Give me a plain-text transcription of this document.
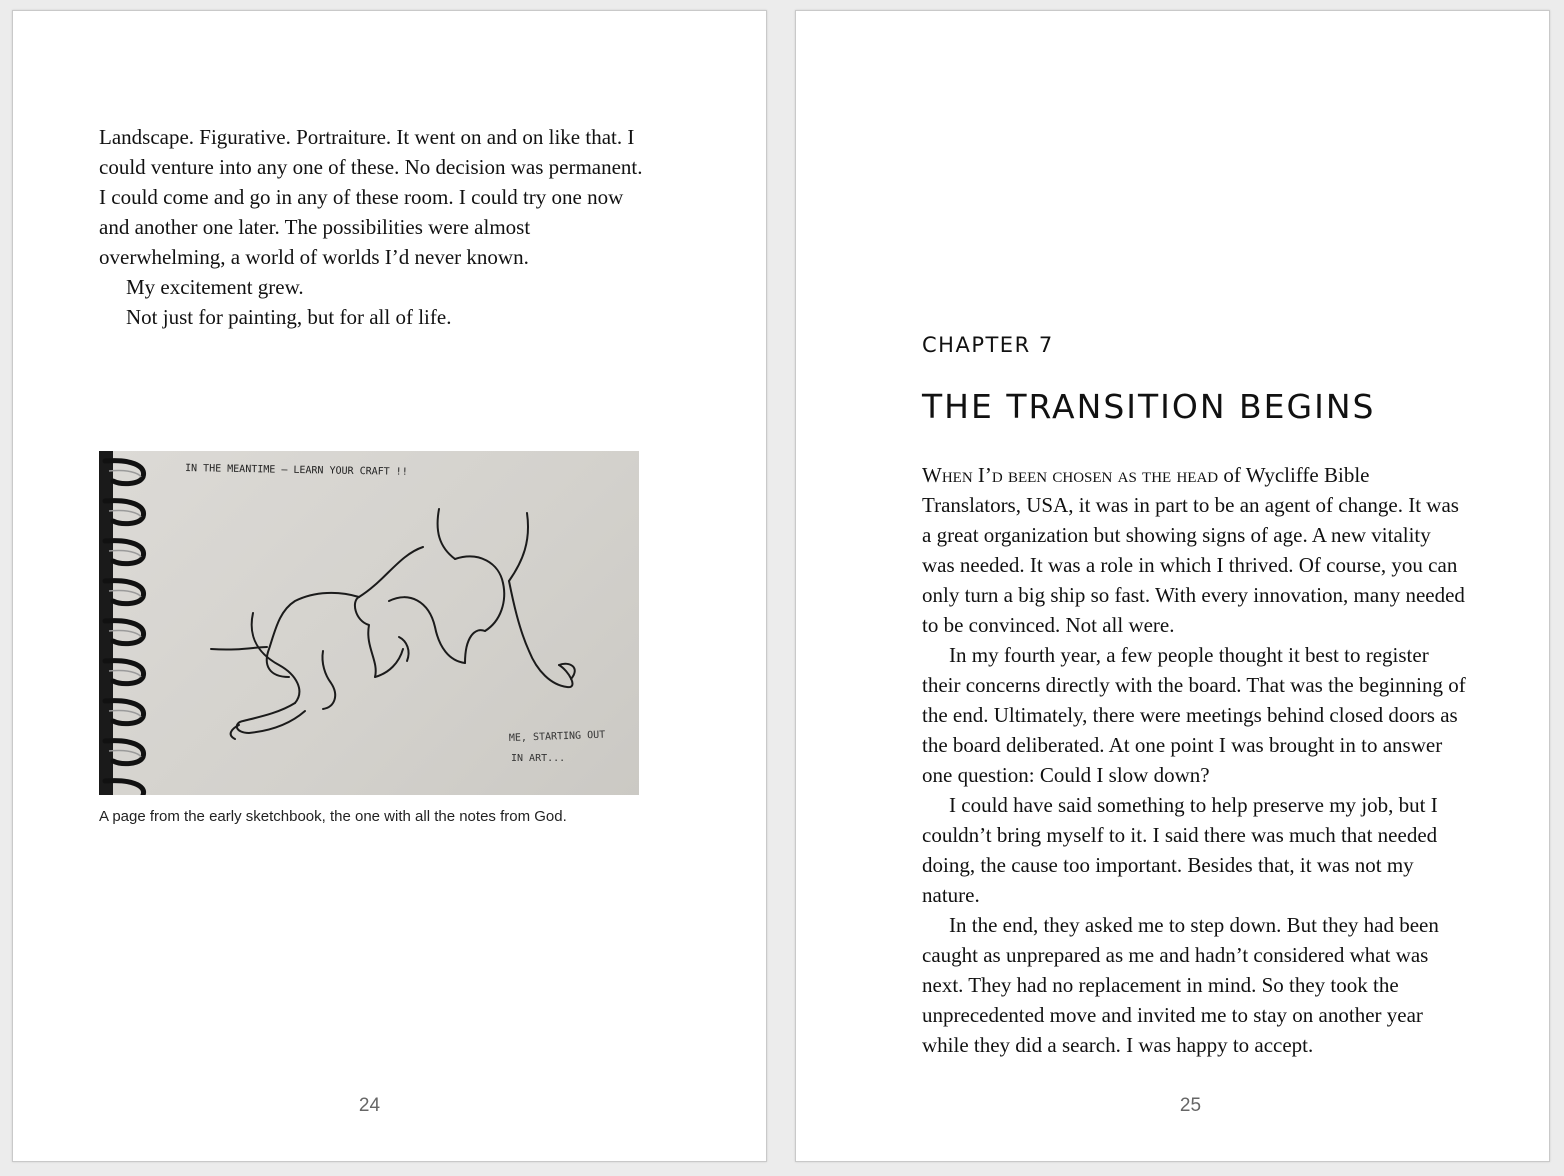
Landscape. Figurative. Portraiture. It went on and on like that. I could venture into any one of these. No decision was permanent. I could come and go in any of these room. I could try one now and another one later. The possibilities were almost overwhelming, a world of worlds I’d never known.

My excitement grew.

Not just for painting, but for all of life.

IN THE MEANTIME — LEARN YOUR CRAFT !!
ME, STARTING OUT
IN ART...
A page from the early sketchbook, the one with all the notes from God.
24
CHAPTER 7
THE TRANSITION BEGINS

When I’d been chosen as the head of Wycliffe Bible Translators, USA, it was in part to be an agent of change. It was a great organization but showing signs of age. A new vitality was needed. It was a role in which I thrived. Of course, you can only turn a big ship so fast. With every innovation, many needed to be convinced. Not all were.

In my fourth year, a few people thought it best to register their concerns directly with the board. That was the beginning of the end. Ultimately, there were meetings behind closed doors as the board deliberated. At one point I was brought in to answer one question: Could I slow down?

I could have said something to help preserve my job, but I couldn’t bring myself to it. I said there was much that needed doing, the cause too important. Besides that, it was not my nature.

In the end, they asked me to step down. But they had been caught as unprepared as me and hadn’t considered what was next. They had no replacement in mind. So they took the unprecedented move and invited me to stay on another year while they did a search. I was happy to accept.

25
